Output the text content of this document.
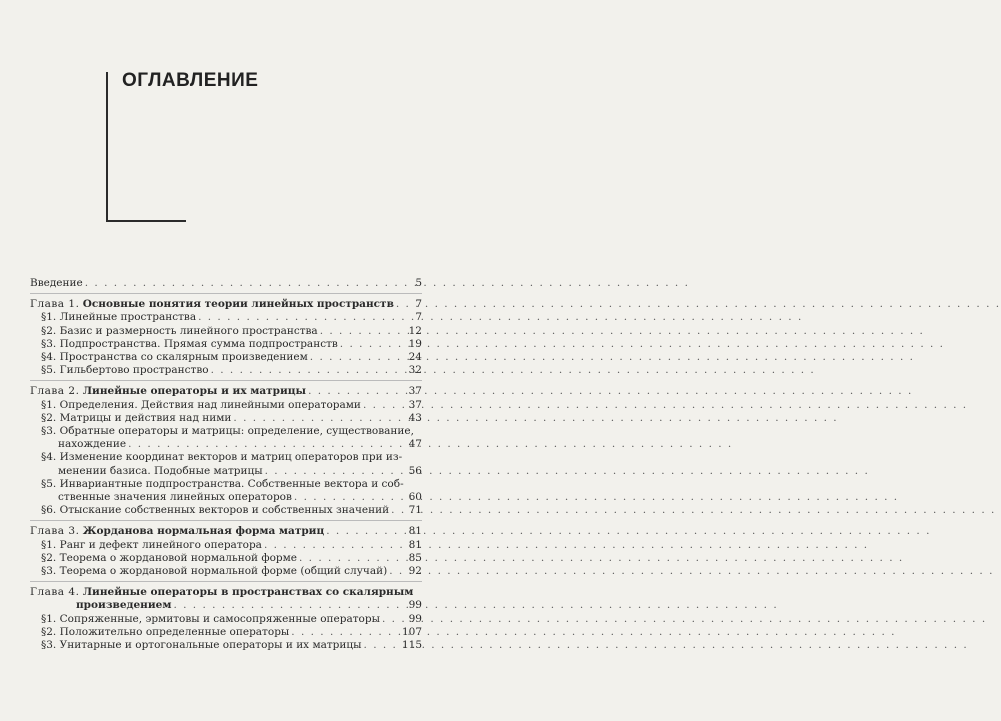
ОГЛАВЛЕНИЕ
Введение . . .	5
Глава 1. Основные понятия теории линейных пространств . . .	7
§1. Линейные пространства . . .	7
§2. Базис и размерность линейного пространства . . .	12
§3. Подпространства. Прямая сумма подпространств . . .	19
§4. Пространства со скалярным произведением . . .	24
§5. Гильбертово пространство . . .	32
Глава 2. Линейные операторы и их матрицы . . .	37
§1. Определения. Действия над линейными операторами . . .	37
§2. Матрицы и действия над ними . . .	43
§3. Обратные операторы и матрицы: определение, существование,
нахождение . . .	47
§4. Изменение координат векторов и матриц операторов при из-
менении базиса. Подобные матрицы . . .	56
§5. Инвариантные подпространства. Собственные вектора и соб-
ственные значения линейных операторов . . .	60
§6. Отыскание собственных векторов и собственных значений . . . 71
Глава 3. Жорданова нормальная форма матриц . . .	81
§1. Ранг и дефект линейного оператора . . .	81
§2. Теорема о жордановой нормальной форме . . .	85
§3. Теорема о жордановой нормальной форме (общий случай) . . . 92
Глава 4. Линейные операторы в пространствах со скалярным
произведением . . .	99
§1. Сопряженные, эрмитовы и самосопряженные операторы . . .	99
§2. Положительно определенные операторы . . .	107
§3. Унитарные и ортогональные операторы и их матрицы . . .	115
